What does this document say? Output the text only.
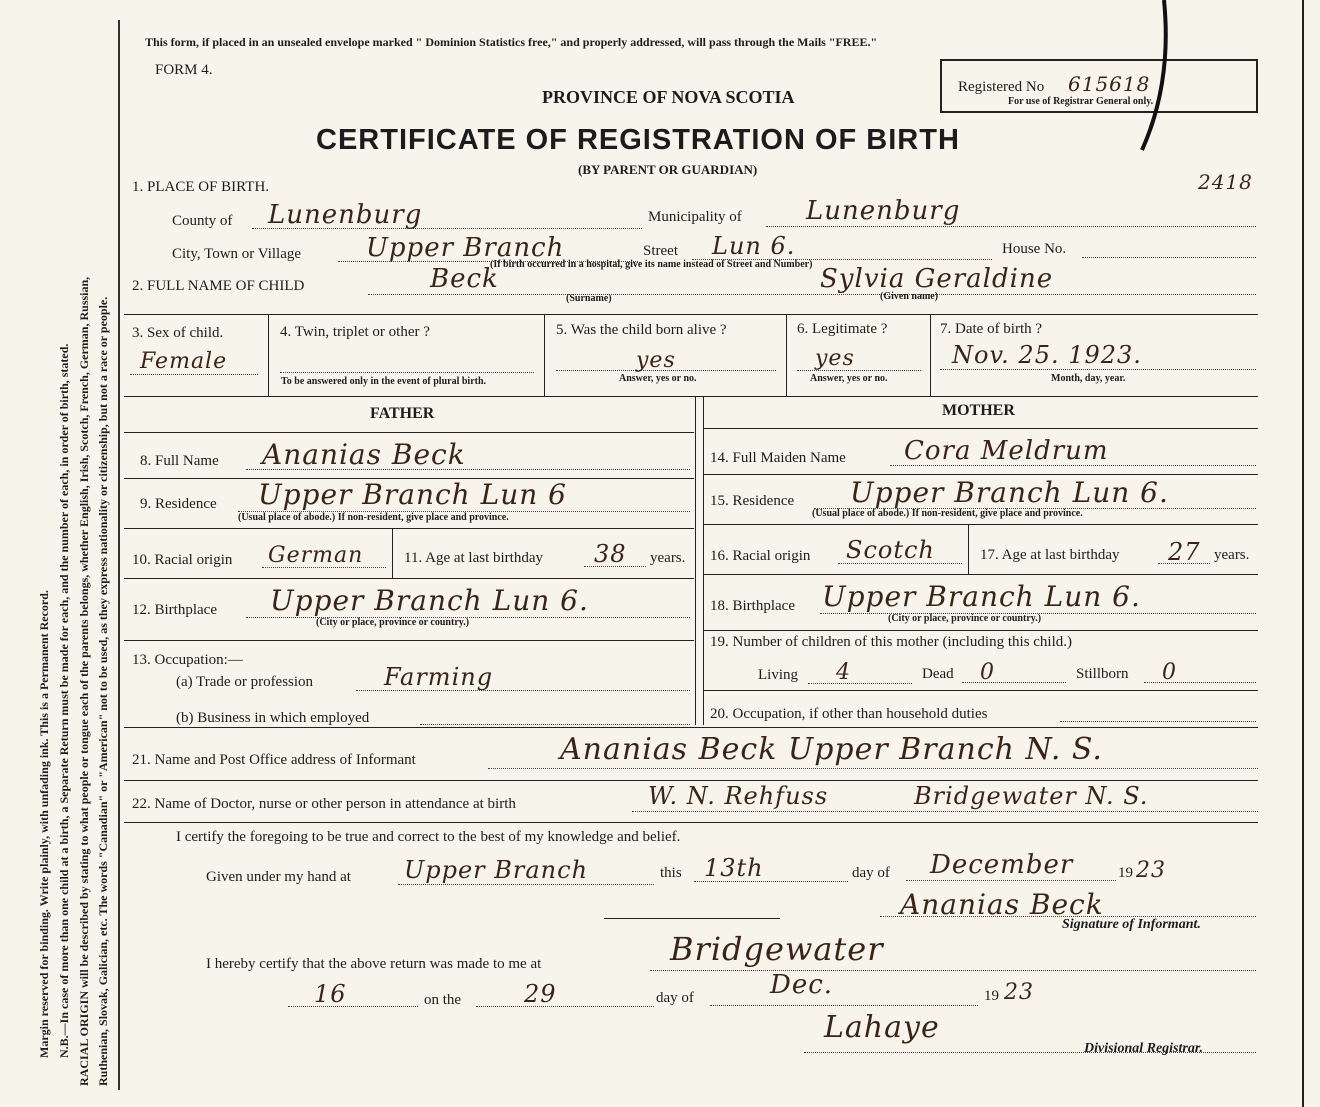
Margin reserved for binding. Write plainly, with unfading ink. This is a Permanent Record. N.B.—In case of more than one child at a birth, a Separate Return must be made for each, and the number of each, in order of birth, stated. RACIAL ORIGIN will be described by stating to what people or tongue each of the parents belongs, whether English, Irish, Scotch, French, German, Russian, Ruthenian, Slovak, Galician, etc. The words "Canadian" or "American" not to be used, as they express nationality or citizenship, but not a race or people.
This form, if placed in an unsealed envelope marked " Dominion Statistics free," and properly addressed, will pass through the Mails "FREE."
FORM 4.
PROVINCE OF NOVA SCOTIA	Registered No 615618
For use of Registrar General only.
CERTIFICATE OF REGISTRATION OF BIRTH
(BY PARENT OR GUARDIAN)
2418
1. PLACE OF BIRTH.
County of Lunenburg	Municipality of Lunenburg
City, Town or Village Upper Branch	Street Lun 6.	House No.
(If birth occurred in a hospital, give its name instead of Street and Number)
2. FULL NAME OF CHILD	Beck
(Surname)
Sylvia Geraldine
(Given name)
3. Sex of child.
Female
4. Twin, triplet or other ?
To be answered only in the event of plural birth.
5. Was the child born alive ?
yes
Answer, yes or no.
6. Legitimate ?
yes
Answer, yes or no.
7. Date of birth ?
Nov. 25. 1923.
Month, day, year.
FATHER	MOTHER
8. Full Name Ananias Beck
9. Residence Upper Branch Lun 6
(Usual place of abode.) If non-resident, give place and province.
10. Racial origin German	11. Age at last birthday 38 years.
12. Birthplace Upper Branch Lun 6.
(City or place, province or country.)
13. Occupation:—
(a) Trade or profession	Farming
(b) Business in which employed
14. Full Maiden Name Cora Meldrum
15. Residence Upper Branch Lun 6.
(Usual place of abode.) If non-resident, give place and province.
16. Racial origin Scotch	17. Age at last birthday 27 years.
18. Birthplace Upper Branch Lun 6.
(City or place, province or country.)
19. Number of children of this mother (including this child.)
Living 4	Dead 0	Stillborn 0
20. Occupation, if other than household duties
21. Name and Post Office address of Informant	Ananias Beck Upper Branch N. S.
22. Name of Doctor, nurse or other person in attendance at birth	W. N. Rehfuss	Bridgewater N. S.
I certify the foregoing to be true and correct to the best of my knowledge and belief.
Given under my hand at Upper Branch	this 13th	day of December	19 23
Ananias Beck
Signature of Informant.
I hereby certify that the above return was made to me at	Bridgewater
16	on the	29	day of	Dec.	19 23
Lahaye
Divisional Registrar.
